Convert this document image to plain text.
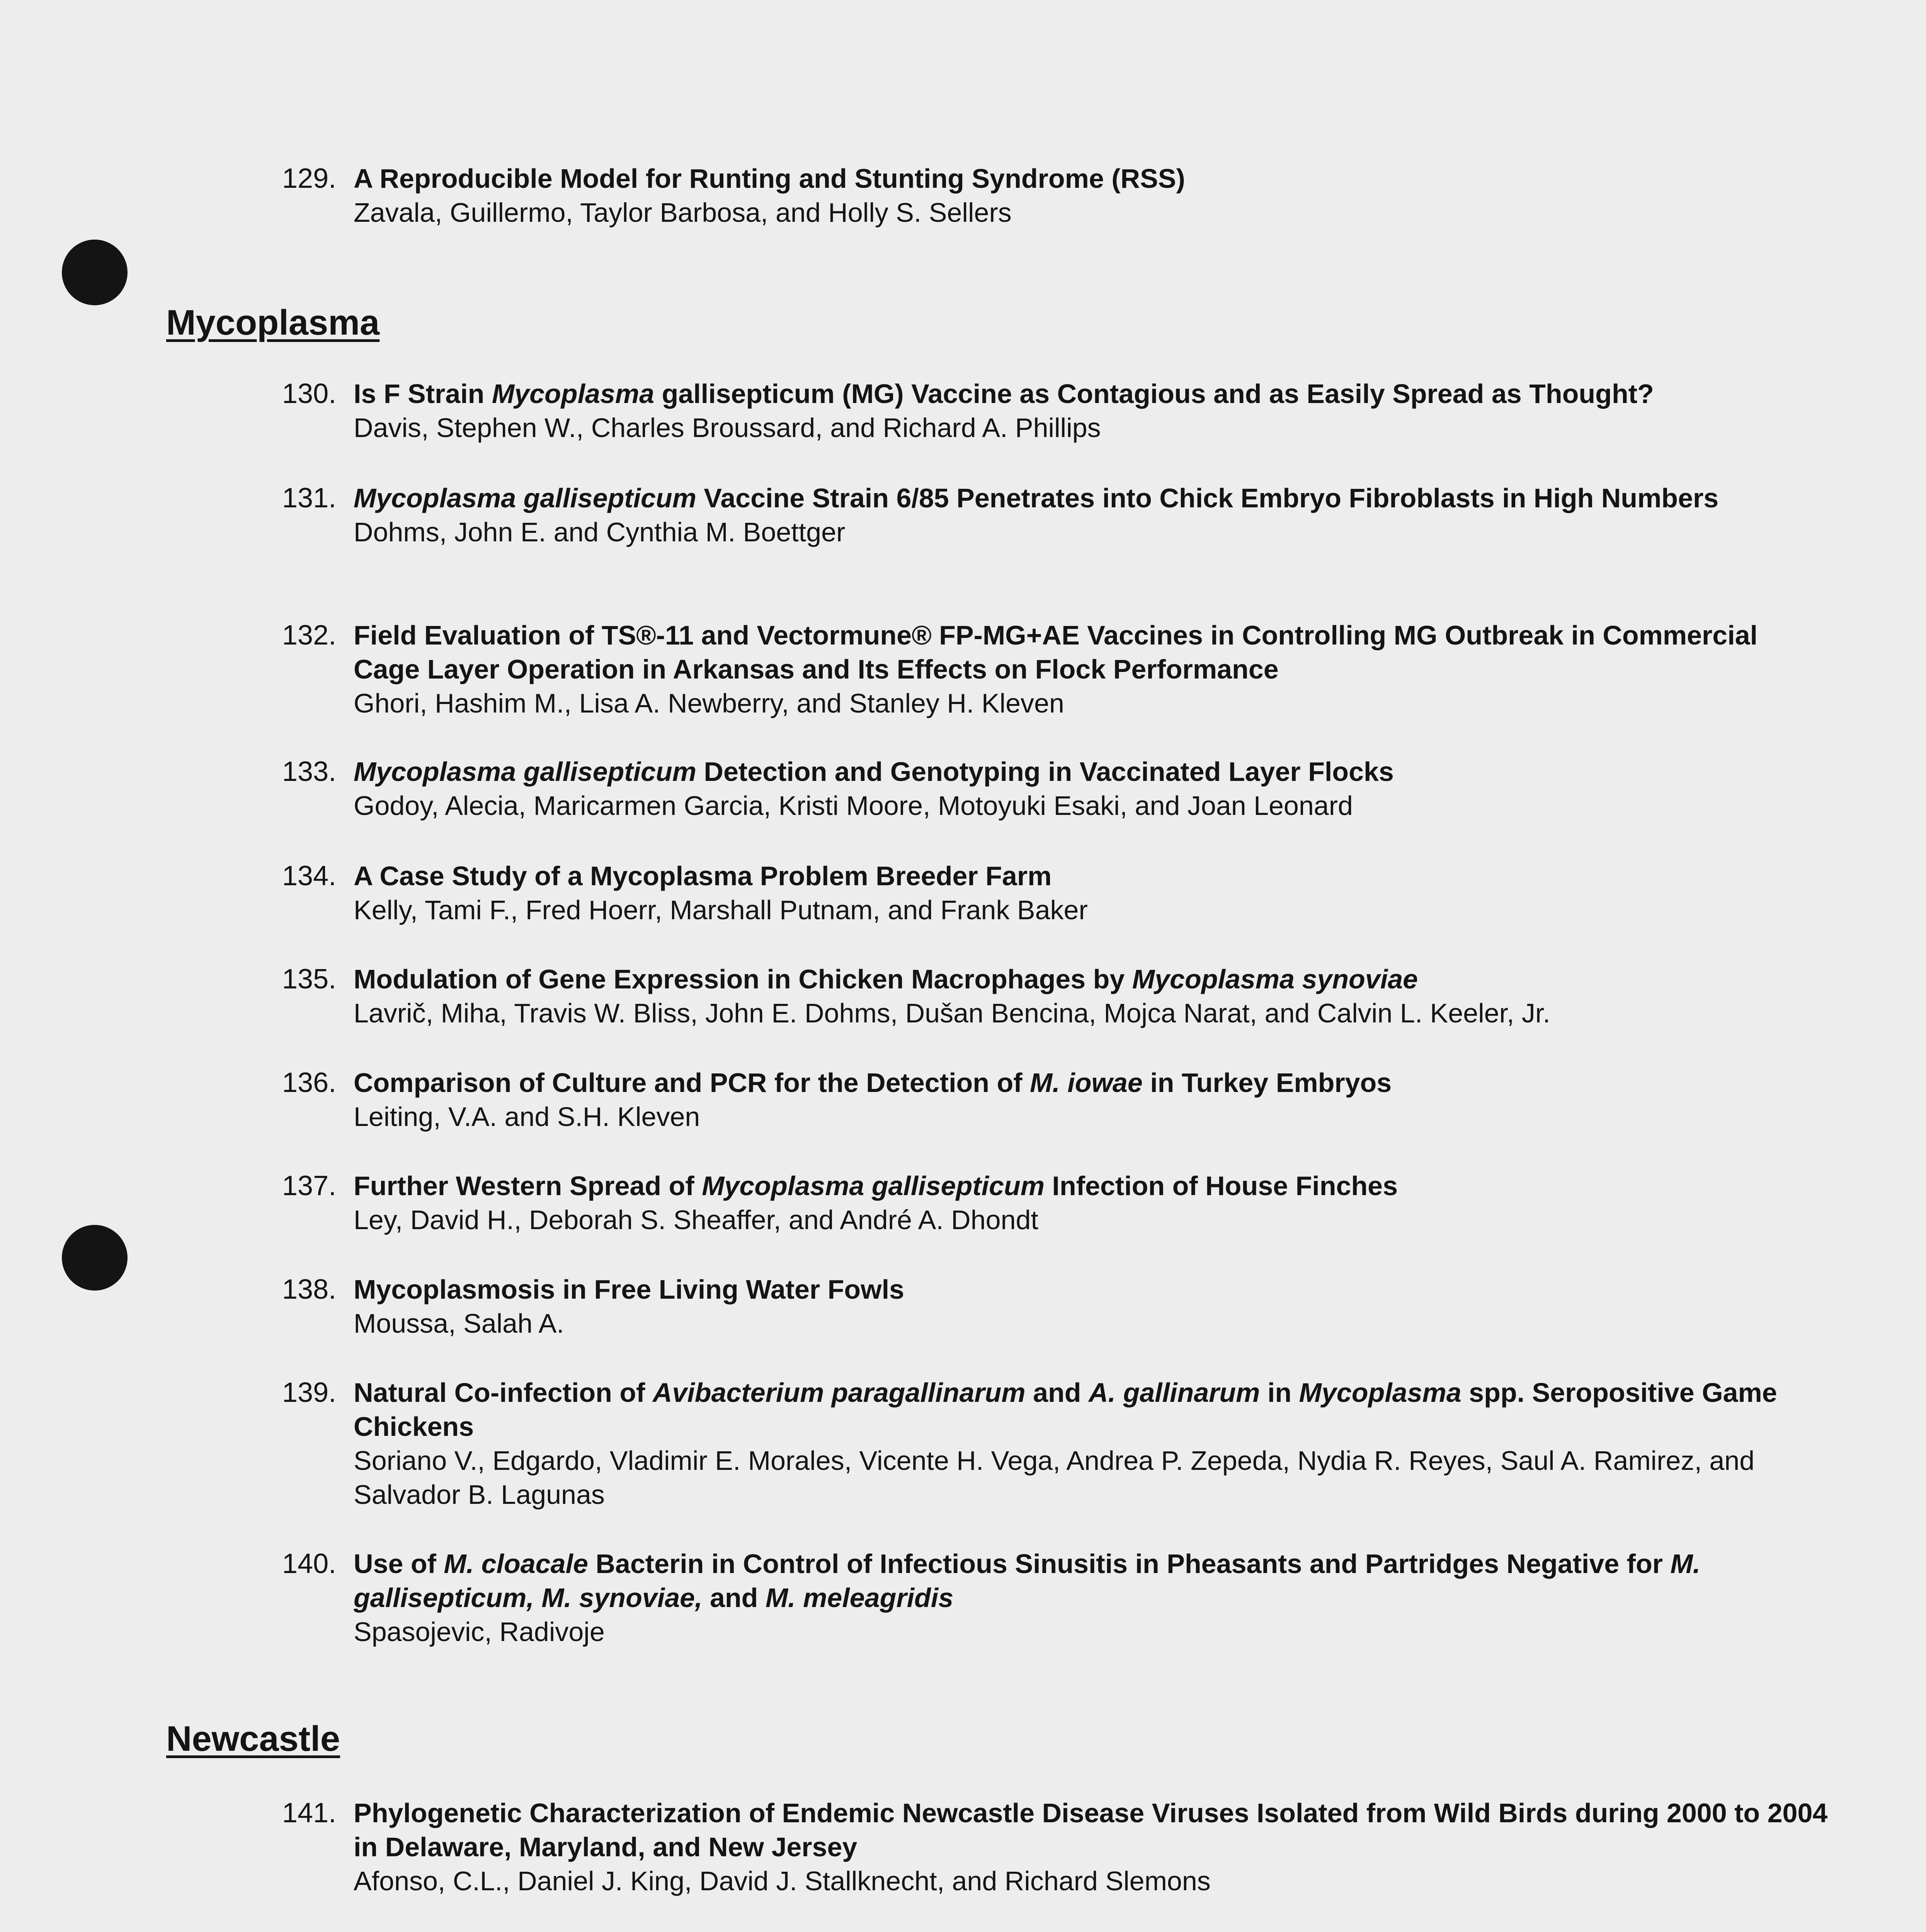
129. A Reproducible Model for Runting and Stunting Syndrome (RSS)
Zavala, Guillermo, Taylor Barbosa, and Holly S. Sellers
Mycoplasma
130. Is F Strain Mycoplasma gallisepticum (MG) Vaccine as Contagious and as Easily Spread as Thought?
Davis, Stephen W., Charles Broussard, and Richard A. Phillips
131. Mycoplasma gallisepticum Vaccine Strain 6/85 Penetrates into Chick Embryo Fibroblasts in High Numbers
Dohms, John E. and Cynthia M. Boettger
132. Field Evaluation of TS®-11 and Vectormune® FP-MG+AE Vaccines in Controlling MG Outbreak in Commercial Cage Layer Operation in Arkansas and Its Effects on Flock Performance
Ghori, Hashim M., Lisa A. Newberry, and Stanley H. Kleven
133. Mycoplasma gallisepticum Detection and Genotyping in Vaccinated Layer Flocks
Godoy, Alecia, Maricarmen Garcia, Kristi Moore, Motoyuki Esaki, and Joan Leonard
134. A Case Study of a Mycoplasma Problem Breeder Farm
Kelly, Tami F., Fred Hoerr, Marshall Putnam, and Frank Baker
135. Modulation of Gene Expression in Chicken Macrophages by Mycoplasma synoviae
Lavrič, Miha, Travis W. Bliss, John E. Dohms, Dušan Bencina, Mojca Narat, and Calvin L. Keeler, Jr.
136. Comparison of Culture and PCR for the Detection of M. iowae in Turkey Embryos
Leiting, V.A. and S.H. Kleven
137. Further Western Spread of Mycoplasma gallisepticum Infection of House Finches
Ley, David H., Deborah S. Sheaffer, and André A. Dhondt
138. Mycoplasmosis in Free Living Water Fowls
Moussa, Salah A.
139. Natural Co-infection of Avibacterium paragallinarum and A. gallinarum in Mycoplasma spp. Seropositive Game Chickens
Soriano V., Edgardo, Vladimir E. Morales, Vicente H. Vega, Andrea P. Zepeda, Nydia R. Reyes, Saul A. Ramirez, and Salvador B. Lagunas
140. Use of M. cloacale Bacterin in Control of Infectious Sinusitis in Pheasants and Partridges Negative for M. gallisepticum, M. synoviae, and M. meleagridis
Spasojevic, Radivoje
Newcastle
141. Phylogenetic Characterization of Endemic Newcastle Disease Viruses Isolated from Wild Birds during 2000 to 2004 in Delaware, Maryland, and New Jersey
Afonso, C.L., Daniel J. King, David J. Stallknecht, and Richard Slemons
